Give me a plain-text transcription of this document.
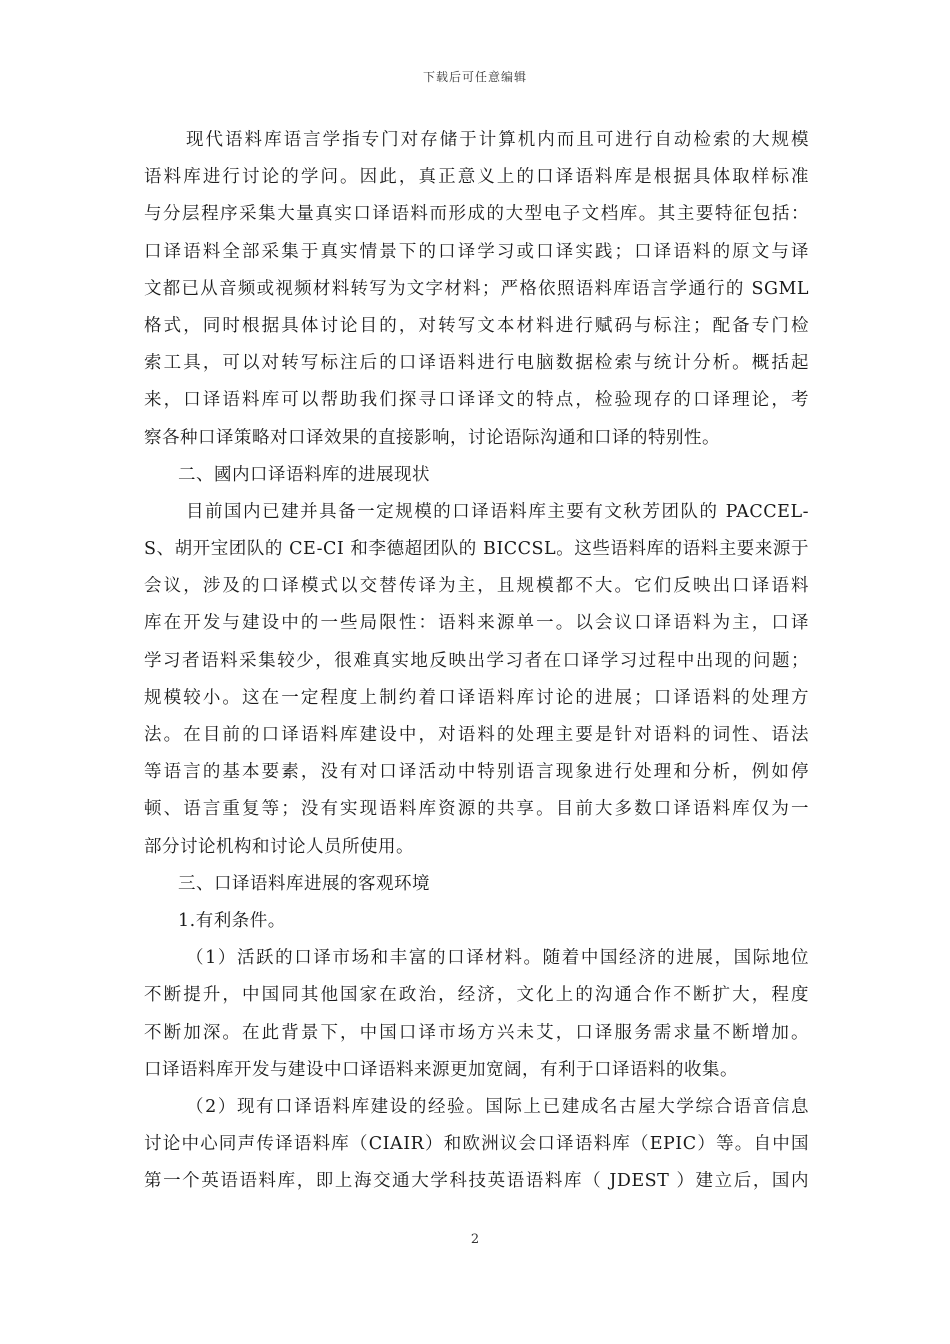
下载后可任意编辑
现代语料库语言学指专门对存储于计算机内而且可进行自动检索的大规模
语料库进行讨论的学问。因此，真正意义上的口译语料库是根据具体取样标准
与分层程序采集大量真实口译语料而形成的大型电子文档库。其主要特征包括：
口译语料全部采集于真实情景下的口译学习或口译实践；口译语料的原文与译
文都已从音频或视频材料转写为文字材料；严格依照语料库语言学通行的 SGML
格式，同时根据具体讨论目的，对转写文本材料进行赋码与标注；配备专门检
索工具，可以对转写标注后的口译语料进行电脑数据检索与统计分析。概括起
来，口译语料库可以帮助我们探寻口译译文的特点，检验现存的口译理论，考
察各种口译策略对口译效果的直接影响，讨论语际沟通和口译的特别性。
二、國内口译语料库的进展现状
目前国内已建并具备一定规模的口译语料库主要有文秋芳团队的 PACCEL-
S、胡开宝团队的 CE-CI 和李德超团队的 BICCSL。这些语料库的语料主要来源于
会议，涉及的口译模式以交替传译为主，且规模都不大。它们反映出口译语料
库在开发与建设中的一些局限性：语料来源单一。以会议口译语料为主，口译
学习者语料采集较少，很难真实地反映出学习者在口译学习过程中出现的问题；
规模较小。这在一定程度上制约着口译语料库讨论的进展；口译语料的处理方
法。在目前的口译语料库建设中，对语料的处理主要是针对语料的词性、语法
等语言的基本要素，没有对口译活动中特别语言现象进行处理和分析，例如停
顿、语言重复等；没有实现语料库资源的共享。目前大多数口译语料库仅为一
部分讨论机构和讨论人员所使用。
三、口译语料库进展的客观环境
1.有利条件。
（1）活跃的口译市场和丰富的口译材料。随着中国经济的进展，国际地位
不断提升，中国同其他国家在政治，经济，文化上的沟通合作不断扩大，程度
不断加深。在此背景下，中国口译市场方兴未艾，口译服务需求量不断增加。
口译语料库开发与建设中口译语料来源更加宽阔，有利于口译语料的收集。
（2）现有口译语料库建设的经验。国际上已建成名古屋大学综合语音信息
讨论中心同声传译语料库（CIAIR）和欧洲议会口译语料库（EPIC）等。自中国
第一个英语语料库，即上海交通大学科技英语语料库（ JDEST ）建立后，国内
2
